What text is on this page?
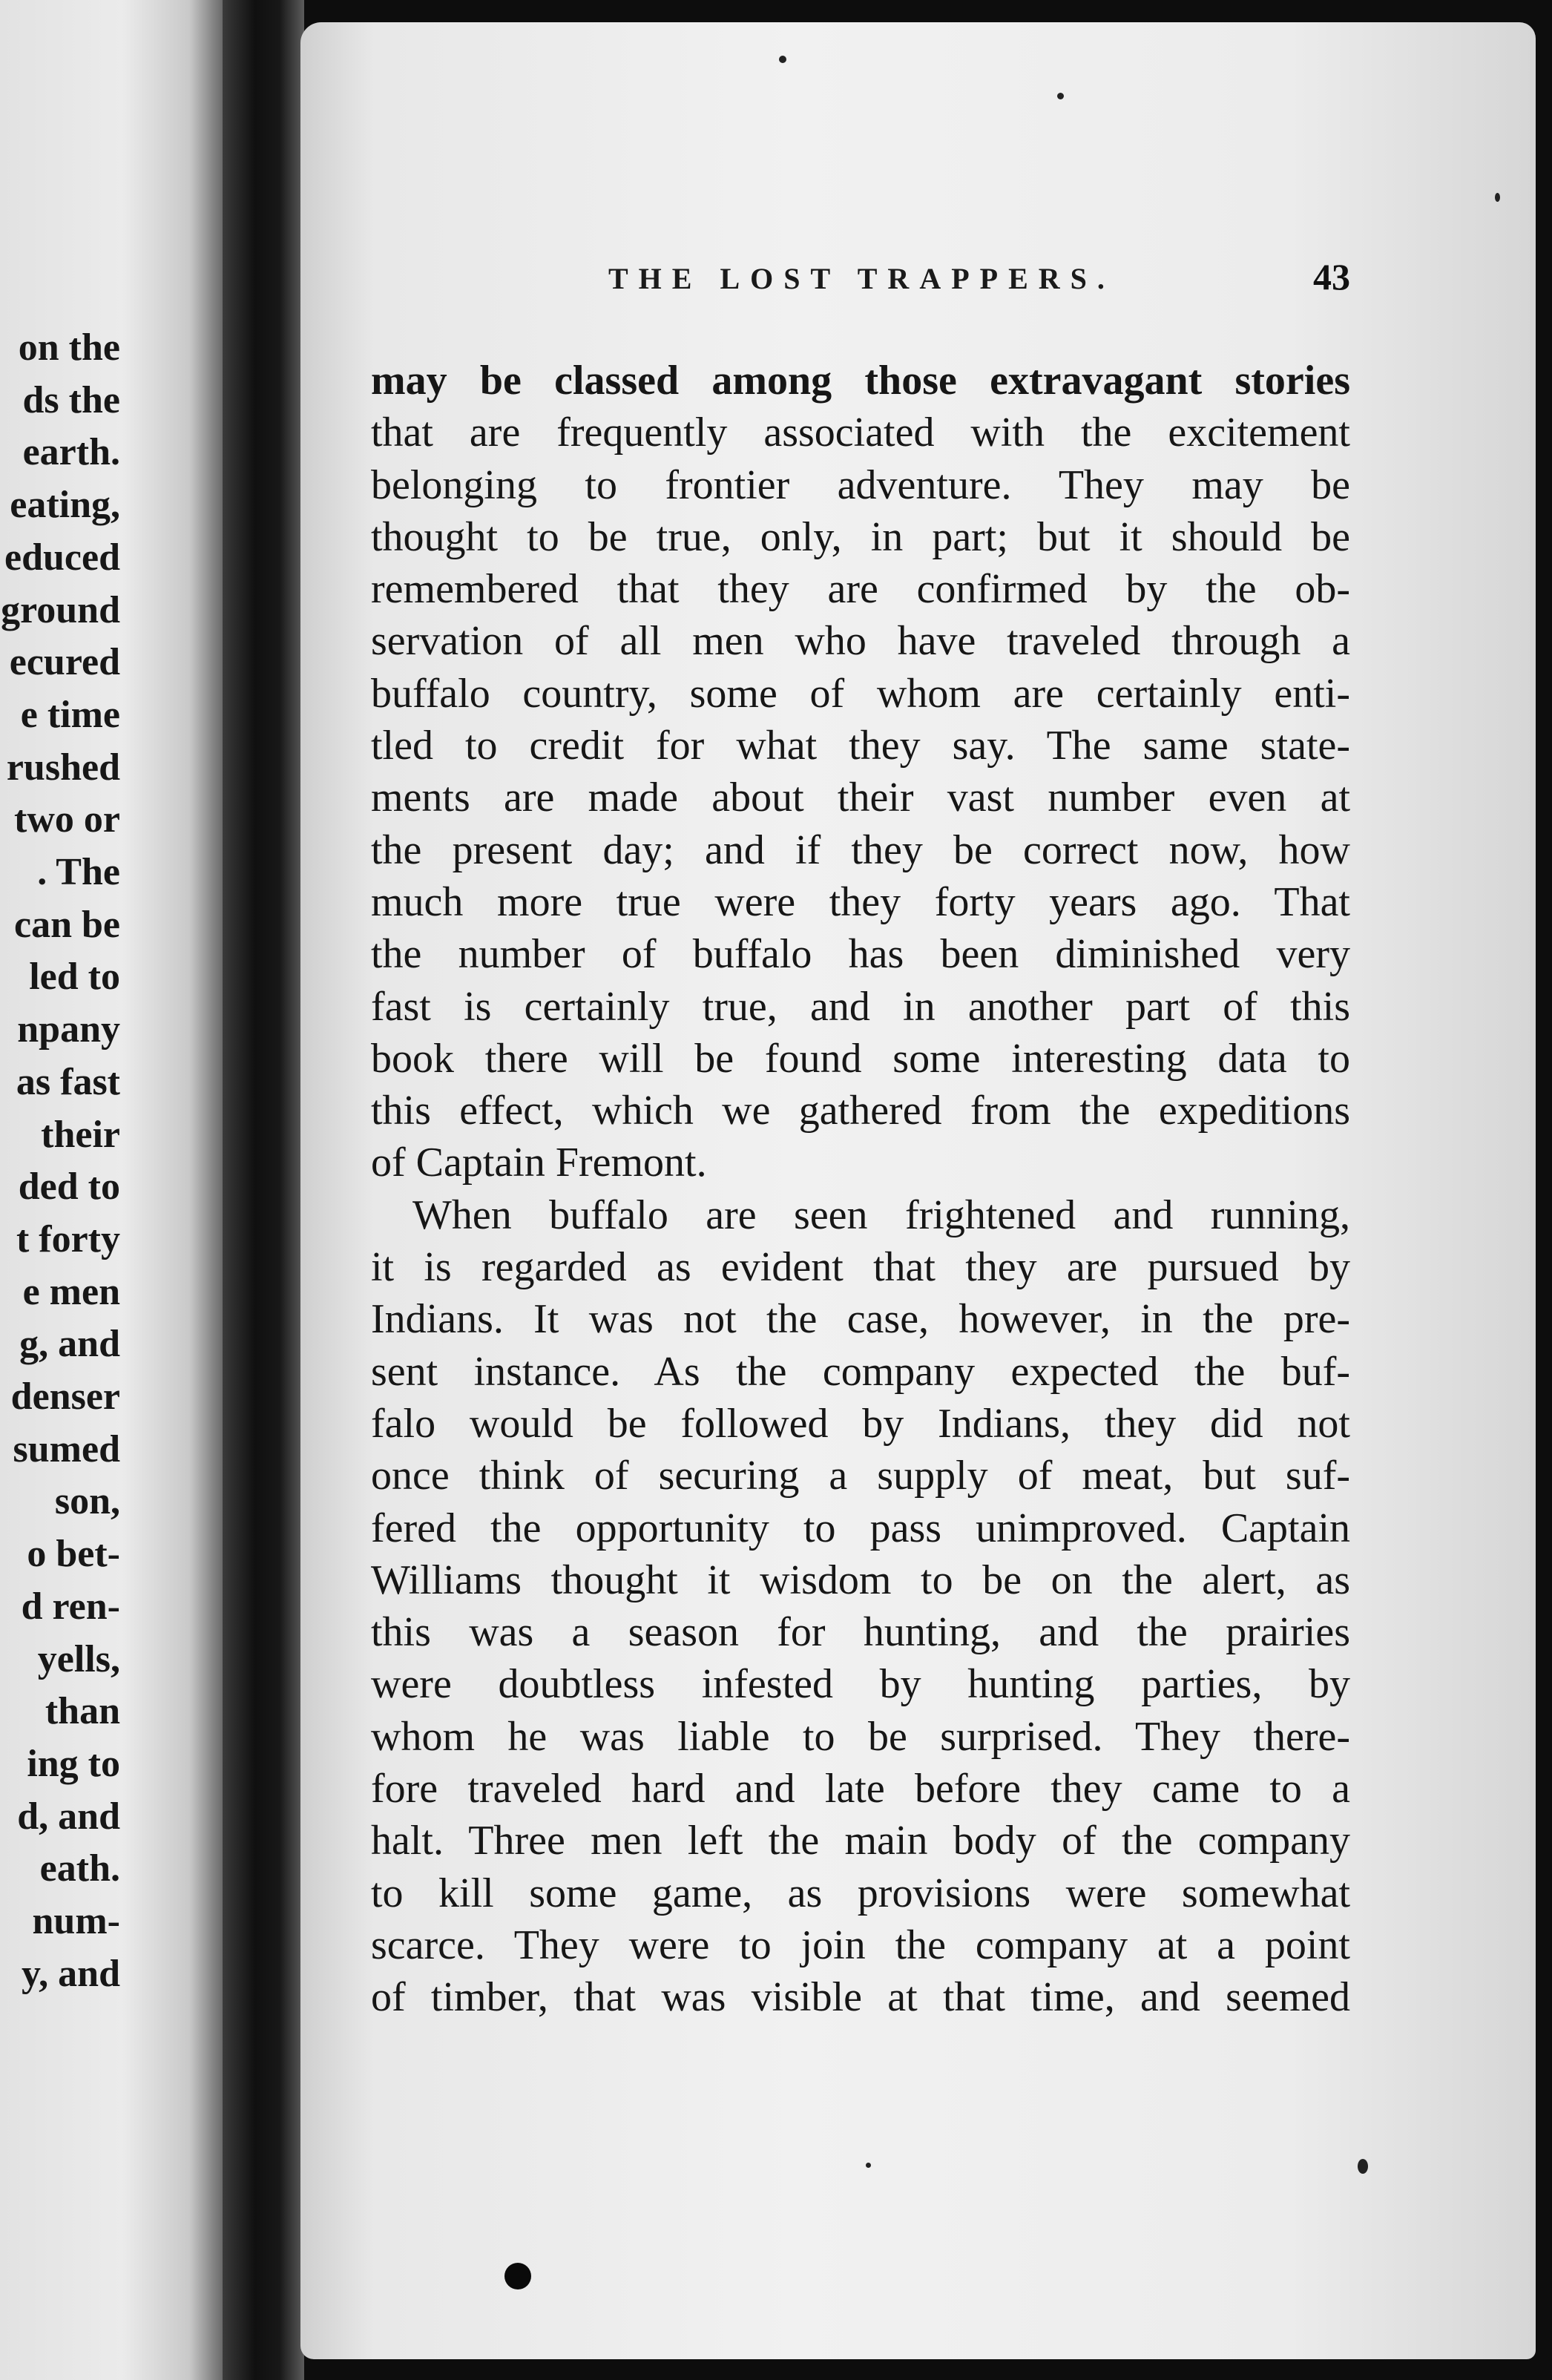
on the
ds the
earth.
eating,
educed
ground
ecured
e time
rushed
two or
. The
can be
led to
npany
as fast
their
ded to
t forty
e men
g, and
denser
sumed
son,
o bet-
d ren-
yells,
than
ing to
d, and
eath.
num-
y, and
THE LOST TRAPPERS.	43
may be classed among those extravagant stories
that are frequently associated with the excitement
belonging to frontier adventure. They may be
thought to be true, only, in part; but it should be
remembered that they are confirmed by the ob-
servation of all men who have traveled through a
buffalo country, some of whom are certainly enti-
tled to credit for what they say. The same state-
ments are made about their vast number even at
the present day; and if they be correct now, how
much more true were they forty years ago. That
the number of buffalo has been diminished very
fast is certainly true, and in another part of this
book there will be found some interesting data to
this effect, which we gathered from the expeditions
of Captain Fremont.
When buffalo are seen frightened and running,
it is regarded as evident that they are pursued by
Indians. It was not the case, however, in the pre-
sent instance. As the company expected the buf-
falo would be followed by Indians, they did not
once think of securing a supply of meat, but suf-
fered the opportunity to pass unimproved. Captain
Williams thought it wisdom to be on the alert, as
this was a season for hunting, and the prairies
were doubtless infested by hunting parties, by
whom he was liable to be surprised. They there-
fore traveled hard and late before they came to a
halt. Three men left the main body of the company
to kill some game, as provisions were somewhat
scarce. They were to join the company at a point
of timber, that was visible at that time, and seemed
